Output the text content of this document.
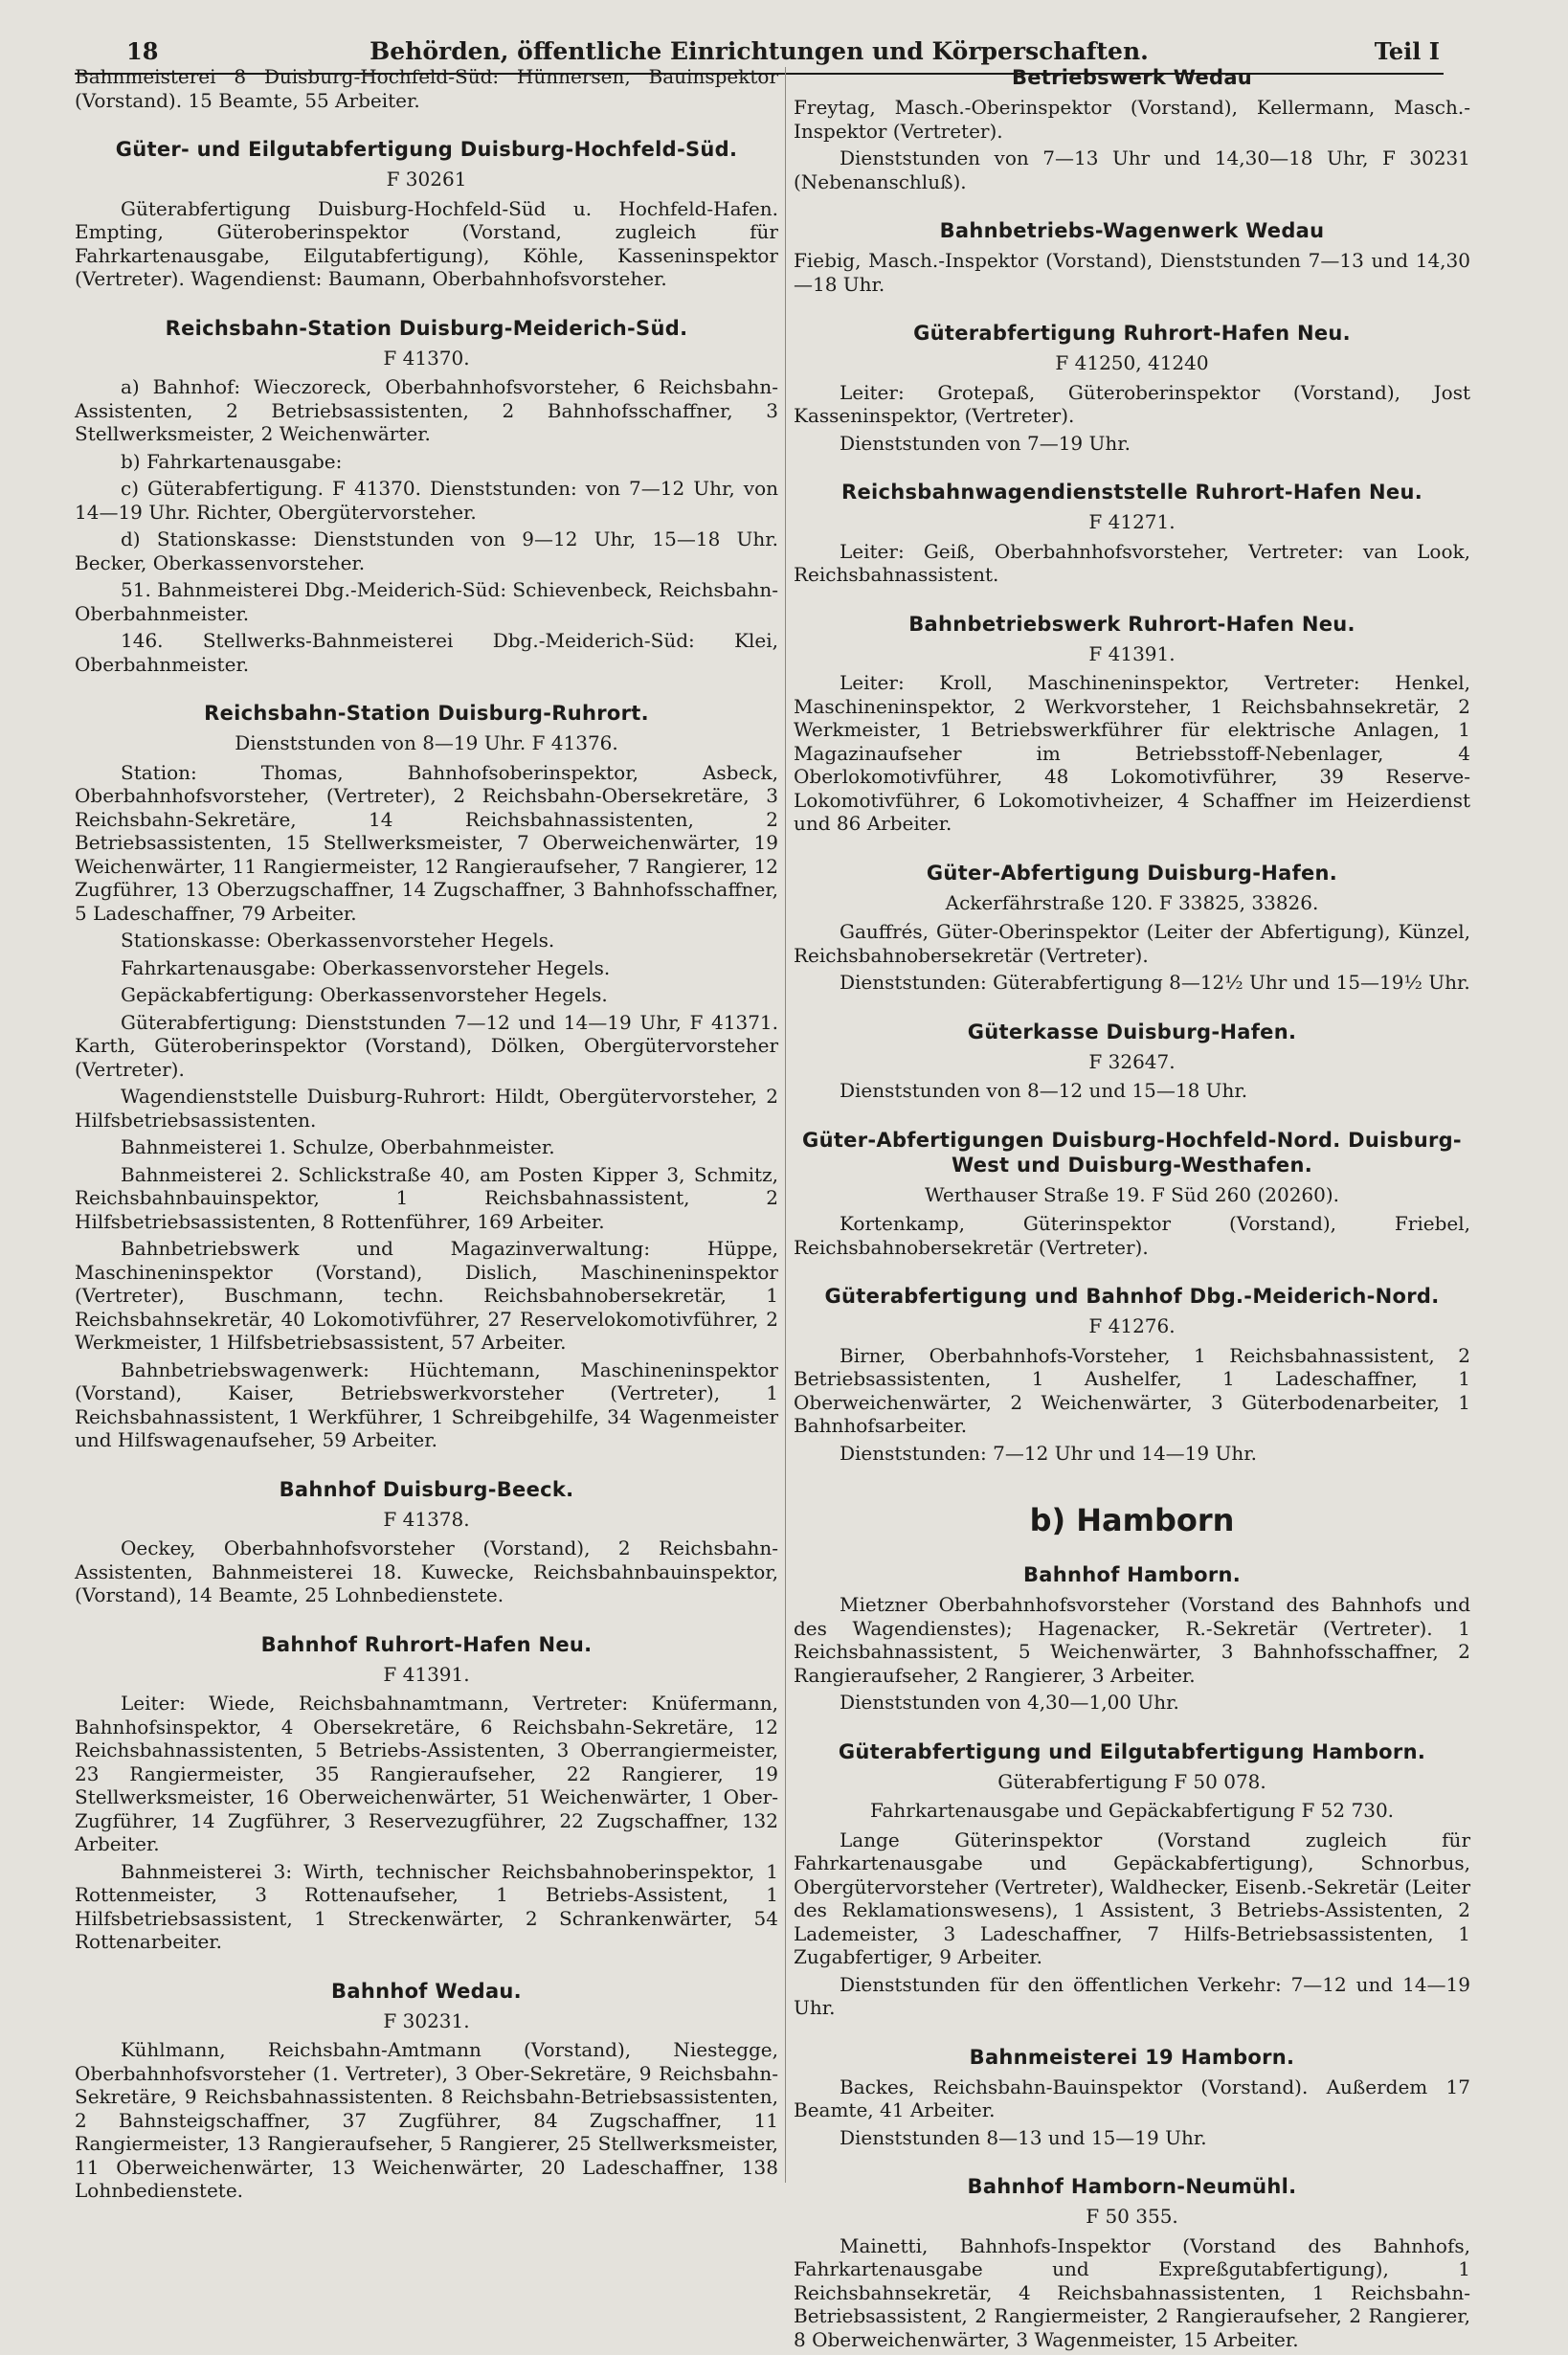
18	Behörden, öffentliche Einrichtungen und Körperschaften.	Teil I

Bahnmeisterei 8 Duisburg-Hochfeld-Süd: Hünnersen, Bauinspektor (Vorstand). 15 Beamte, 55 Arbeiter.

Güter- und Eilgutabfertigung Duisburg-Hochfeld-Süd.

F 30261

Güterabfertigung Duisburg-Hochfeld-Süd u. Hochfeld-Hafen. Empting, Güteroberinspektor (Vorstand, zugleich für Fahrkartenausgabe, Eilgutabfertigung), Köhle, Kasseninspektor (Vertreter). Wagendienst: Baumann, Oberbahnhofsvorsteher.

Reichsbahn-Station Duisburg-Meiderich-Süd.

F 41370.

a) Bahnhof: Wieczoreck, Oberbahnhofsvorsteher, 6 Reichsbahn-Assistenten, 2 Betriebsassistenten, 2 Bahnhofsschaffner, 3 Stellwerksmeister, 2 Weichenwärter.

b) Fahrkartenausgabe:

c) Güterabfertigung. F 41370. Dienststunden: von 7—12 Uhr, von 14—19 Uhr. Richter, Obergütervorsteher.

d) Stationskasse: Dienststunden von 9—12 Uhr, 15—18 Uhr. Becker, Oberkassenvorsteher.

51. Bahnmeisterei Dbg.-Meiderich-Süd: Schievenbeck, Reichsbahn-Oberbahnmeister.

146. Stellwerks-Bahnmeisterei Dbg.-Meiderich-Süd: Klei, Oberbahnmeister.

Reichsbahn-Station Duisburg-Ruhrort.

Dienststunden von 8—19 Uhr. F 41376.

Station: Thomas, Bahnhofsoberinspektor, Asbeck, Oberbahnhofsvorsteher, (Vertreter), 2 Reichsbahn-Obersekretäre, 3 Reichsbahn-Sekretäre, 14 Reichsbahnassistenten, 2 Betriebsassistenten, 15 Stellwerksmeister, 7 Oberweichenwärter, 19 Weichenwärter, 11 Rangiermeister, 12 Rangieraufseher, 7 Rangierer, 12 Zugführer, 13 Oberzugschaffner, 14 Zugschaffner, 3 Bahnhofsschaffner, 5 Ladeschaffner, 79 Arbeiter.

Stationskasse: Oberkassenvorsteher Hegels.

Fahrkartenausgabe: Oberkassenvorsteher Hegels.

Gepäckabfertigung: Oberkassenvorsteher Hegels.

Güterabfertigung: Dienststunden 7—12 und 14—19 Uhr, F 41371. Karth, Güteroberinspektor (Vorstand), Dölken, Obergütervorsteher (Vertreter).

Wagendienststelle Duisburg-Ruhrort: Hildt, Obergütervorsteher, 2 Hilfsbetriebsassistenten.

Bahnmeisterei 1. Schulze, Oberbahnmeister.

Bahnmeisterei 2. Schlickstraße 40, am Posten Kipper 3, Schmitz, Reichsbahnbauinspektor, 1 Reichsbahnassistent, 2 Hilfsbetriebsassistenten, 8 Rottenführer, 169 Arbeiter.

Bahnbetriebswerk und Magazinverwaltung: Hüppe, Maschineninspektor (Vorstand), Dislich, Maschineninspektor (Vertreter), Buschmann, techn. Reichsbahnobersekretär, 1 Reichsbahnsekretär, 40 Lokomotivführer, 27 Reservelokomotivführer, 2 Werkmeister, 1 Hilfsbetriebsassistent, 57 Arbeiter.

Bahnbetriebswagenwerk: Hüchtemann, Maschineninspektor (Vorstand), Kaiser, Betriebswerkvorsteher (Vertreter), 1 Reichsbahnassistent, 1 Werkführer, 1 Schreibgehilfe, 34 Wagenmeister und Hilfswagenaufseher, 59 Arbeiter.

Bahnhof Duisburg-Beeck.

F 41378.

Oeckey, Oberbahnhofsvorsteher (Vorstand), 2 Reichsbahn-Assistenten, Bahnmeisterei 18. Kuwecke, Reichsbahnbauinspektor, (Vorstand), 14 Beamte, 25 Lohnbedienstete.

Bahnhof Ruhrort-Hafen Neu.

F 41391.

Leiter: Wiede, Reichsbahnamtmann, Vertreter: Knüfermann, Bahnhofsinspektor, 4 Obersekretäre, 6 Reichsbahn-Sekretäre, 12 Reichsbahnassistenten, 5 Betriebs-Assistenten, 3 Oberrangiermeister, 23 Rangiermeister, 35 Rangieraufseher, 22 Rangierer, 19 Stellwerksmeister, 16 Oberweichenwärter, 51 Weichenwärter, 1 Ober-Zugführer, 14 Zugführer, 3 Reservezugführer, 22 Zugschaffner, 132 Arbeiter.

Bahnmeisterei 3: Wirth, technischer Reichsbahnoberinspektor, 1 Rottenmeister, 3 Rottenaufseher, 1 Betriebs-Assistent, 1 Hilfsbetriebsassistent, 1 Streckenwärter, 2 Schrankenwärter, 54 Rottenarbeiter.

Bahnhof Wedau.

F 30231.

Kühlmann, Reichsbahn-Amtmann (Vorstand), Niestegge, Oberbahnhofsvorsteher (1. Vertreter), 3 Ober-Sekretäre, 9 Reichsbahn-Sekretäre, 9 Reichsbahnassistenten. 8 Reichsbahn-Betriebsassistenten, 2 Bahnsteigschaffner, 37 Zugführer, 84 Zugschaffner, 11 Rangiermeister, 13 Rangieraufseher, 5 Rangierer, 25 Stellwerksmeister, 11 Oberweichenwärter, 13 Weichenwärter, 20 Ladeschaffner, 138 Lohnbedienstete.

Betriebswerk Wedau

Freytag, Masch.-Oberinspektor (Vorstand), Kellermann, Masch.-Inspektor (Vertreter).

Dienststunden von 7—13 Uhr und 14,30—18 Uhr, F 30231 (Nebenanschluß).

Bahnbetriebs-Wagenwerk Wedau

Fiebig, Masch.-Inspektor (Vorstand), Dienststunden 7—13 und 14,30—18 Uhr.

Güterabfertigung Ruhrort-Hafen Neu.

F 41250, 41240

Leiter: Grotepaß, Güteroberinspektor (Vorstand), Jost Kasseninspektor, (Vertreter).

Dienststunden von 7—19 Uhr.

Reichsbahnwagendienststelle Ruhrort-Hafen Neu.

F 41271.

Leiter: Geiß, Oberbahnhofsvorsteher, Vertreter: van Look, Reichsbahnassistent.

Bahnbetriebswerk Ruhrort-Hafen Neu.

F 41391.

Leiter: Kroll, Maschineninspektor, Vertreter: Henkel, Maschineninspektor, 2 Werkvorsteher, 1 Reichsbahnsekretär, 2 Werkmeister, 1 Betriebswerkführer für elektrische Anlagen, 1 Magazinaufseher im Betriebsstoff-Nebenlager, 4 Oberlokomotivführer, 48 Lokomotivführer, 39 Reserve-Lokomotivführer, 6 Lokomotivheizer, 4 Schaffner im Heizerdienst und 86 Arbeiter.

Güter-Abfertigung Duisburg-Hafen.

Ackerfährstraße 120. F 33825, 33826.

Gauffrés, Güter-Oberinspektor (Leiter der Abfertigung), Künzel, Reichsbahnobersekretär (Vertreter).

Dienststunden: Güterabfertigung 8—12½ Uhr und 15—19½ Uhr.

Güterkasse Duisburg-Hafen.

F 32647.

Dienststunden von 8—12 und 15—18 Uhr.

Güter-Abfertigungen Duisburg-Hochfeld-Nord. Duisburg-West und Duisburg-Westhafen.

Werthauser Straße 19. F Süd 260 (20260).

Kortenkamp, Güterinspektor (Vorstand), Friebel, Reichsbahnobersekretär (Vertreter).

Güterabfertigung und Bahnhof Dbg.-Meiderich-Nord.

F 41276.

Birner, Oberbahnhofs-Vorsteher, 1 Reichsbahnassistent, 2 Betriebsassistenten, 1 Aushelfer, 1 Ladeschaffner, 1 Oberweichenwärter, 2 Weichenwärter, 3 Güterbodenarbeiter, 1 Bahnhofsarbeiter.

Dienststunden: 7—12 Uhr und 14—19 Uhr.

b) Hamborn

Bahnhof Hamborn.

Mietzner Oberbahnhofsvorsteher (Vorstand des Bahnhofs und des Wagendienstes); Hagenacker, R.-Sekretär (Vertreter). 1 Reichsbahnassistent, 5 Weichenwärter, 3 Bahnhofsschaffner, 2 Rangieraufseher, 2 Rangierer, 3 Arbeiter.

Dienststunden von 4,30—1,00 Uhr.

Güterabfertigung und Eilgutabfertigung Hamborn.

Güterabfertigung F 50 078.

Fahrkartenausgabe und Gepäckabfertigung F 52 730.

Lange Güterinspektor (Vorstand zugleich für Fahrkartenausgabe und Gepäckabfertigung), Schnorbus, Obergütervorsteher (Vertreter), Waldhecker, Eisenb.-Sekretär (Leiter des Reklamationswesens), 1 Assistent, 3 Betriebs-Assistenten, 2 Lademeister, 3 Ladeschaffner, 7 Hilfs-Betriebsassistenten, 1 Zugabfertiger, 9 Arbeiter.

Dienststunden für den öffentlichen Verkehr: 7—12 und 14—19 Uhr.

Bahnmeisterei 19 Hamborn.

Backes, Reichsbahn-Bauinspektor (Vorstand). Außerdem 17 Beamte, 41 Arbeiter.

Dienststunden 8—13 und 15—19 Uhr.

Bahnhof Hamborn-Neumühl.

F 50 355.

Mainetti, Bahnhofs-Inspektor (Vorstand des Bahnhofs, Fahrkartenausgabe und Expreßgutabfertigung), 1 Reichsbahnsekretär, 4 Reichsbahnassistenten, 1 Reichsbahn-Betriebsassistent, 2 Rangiermeister, 2 Rangieraufseher, 2 Rangierer, 8 Oberweichenwärter, 3 Wagenmeister, 15 Arbeiter.
